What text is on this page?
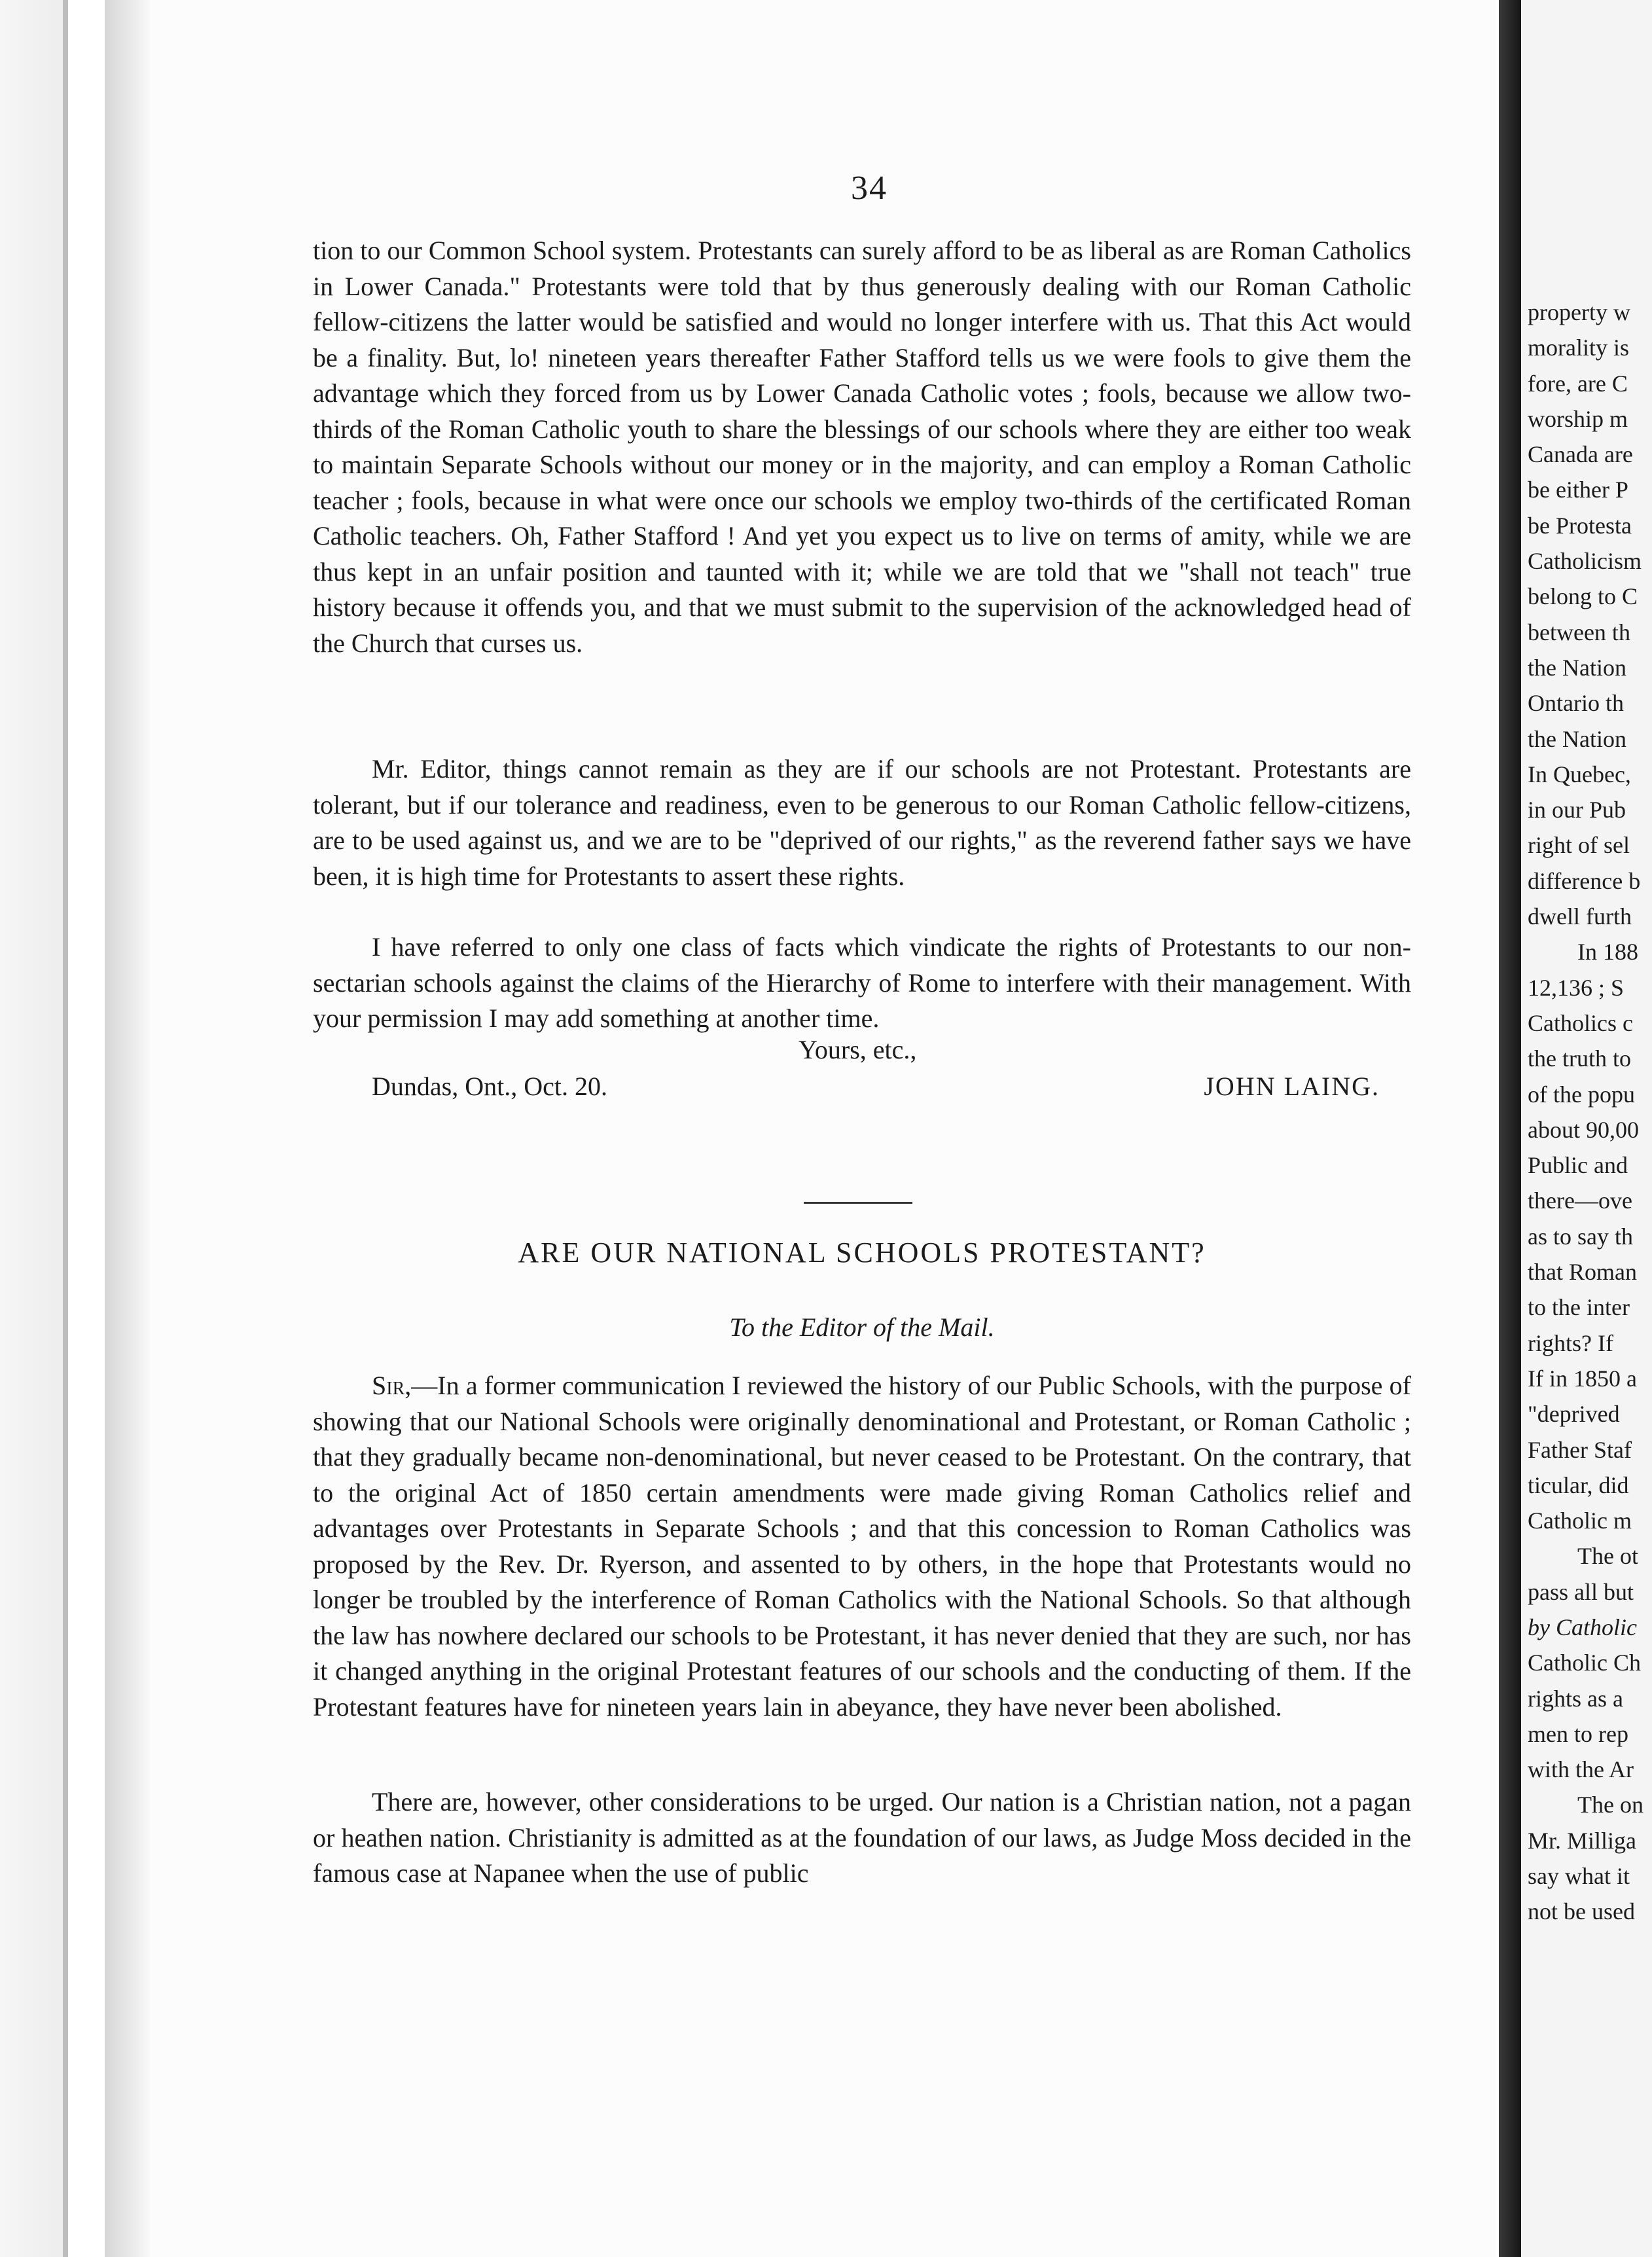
34

tion to our Common School system. Protestants can surely afford to be as liberal as are Roman Catholics in Lower Canada." Protestants were told that by thus generously dealing with our Roman Catholic fellow-citizens the latter would be satisfied and would no longer interfere with us. That this Act would be a finality. But, lo! nineteen years thereafter Father Stafford tells us we were fools to give them the advantage which they forced from us by Lower Canada Catholic votes ; fools, because we allow two-thirds of the Roman Catholic youth to share the blessings of our schools where they are either too weak to maintain Separate Schools without our money or in the majority, and can employ a Roman Catholic teacher ; fools, because in what were once our schools we employ two-thirds of the certificated Roman Catholic teachers. Oh, Father Stafford ! And yet you expect us to live on terms of amity, while we are thus kept in an unfair position and taunted with it; while we are told that we "shall not teach" true history because it offends you, and that we must submit to the supervision of the acknowledged head of the Church that curses us.

Mr. Editor, things cannot remain as they are if our schools are not Protestant. Protestants are tolerant, but if our tolerance and readiness, even to be generous to our Roman Catholic fellow-citizens, are to be used against us, and we are to be "deprived of our rights," as the reverend father says we have been, it is high time for Protestants to assert these rights.

I have referred to only one class of facts which vindicate the rights of Protestants to our non-sectarian schools against the claims of the Hierarchy of Rome to interfere with their management. With your permission I may add something at another time.

Yours, etc.,
Dundas, Ont., Oct. 20.	JOHN LAING.
ARE OUR NATIONAL SCHOOLS PROTESTANT?
To the Editor of the Mail.

Sir,—In a former communication I reviewed the history of our Public Schools, with the purpose of showing that our National Schools were originally denominational and Protestant, or Roman Catholic ; that they gradually became non-denominational, but never ceased to be Protestant. On the contrary, that to the original Act of 1850 certain amendments were made giving Roman Catholics relief and advantages over Protestants in Separate Schools ; and that this concession to Roman Catholics was proposed by the Rev. Dr. Ryerson, and assented to by others, in the hope that Protestants would no longer be troubled by the interference of Roman Catholics with the National Schools. So that although the law has nowhere declared our schools to be Protestant, it has never denied that they are such, nor has it changed anything in the original Protestant features of our schools and the conducting of them. If the Protestant features have for nineteen years lain in abeyance, they have never been abolished.

There are, however, other considerations to be urged. Our nation is a Christian nation, not a pagan or heathen nation. Christianity is admitted as at the foundation of our laws, as Judge Moss decided in the famous case at Napanee when the use of public

property w
morality is
fore, are C
worship m
Canada are
be either P
be Protesta
Catholicism
belong to C
between th
the Nation
Ontario th
the Nation
In Quebec,
in our Pub
right of sel
difference b
dwell furth
In 188
12,136 ; S
Catholics c
the truth to
of the popu
about 90,00
Public and
there—ove
as to say th
that Roman
to the inter
rights? If
If in 1850 a
"deprived
Father Staf
ticular, did
Catholic m
The ot
pass all but
by Catholic
Catholic Ch
rights as a
men to rep
with the Ar
The on
Mr. Milliga
say what it
not be used
